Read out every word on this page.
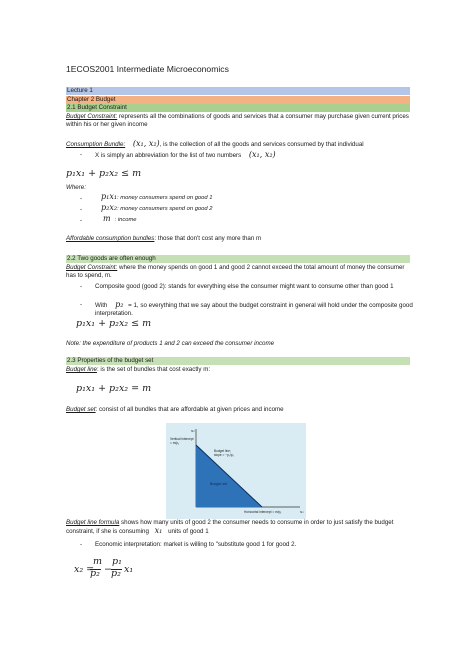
1ECOS2001 Intermediate Microeconomics
Lecture 1
Chapter 2 Budget
2.1 Budget Constraint
Budget Constraint: represents all the combinations of goods and services that a consumer may purchase given current prices within his or her given income
Consumption Bundle: (x₁, x₂), is the collection of all the goods and services consumed by that individual
- X is simply an abbreviation for the list of two numbers (x₁, x₂)
p₁x₁ + p₂x₂ ≤ m
Where:
- p₁x₁: money consumers spend on good 1
- p₂x₂: money consumers spend on good 2
-	m : income
Affordable consumption bundles: those that don't cost any more than m
2.2 Two goods are often enough
Budget Constraint: where the money spends on good 1 and good 2 cannot exceed the total amount of money the consumer has to spend, m.
- Composite good (good 2): stands for everything else the consumer might want to consume other than good 1
- With p₂ = 1, so everything that we say about the budget constraint in general will hold under the composite good interpretation.
p₁x₁ + p₂x₂ ≤ m
Note: the expenditure of products 1 and 2 can exceed the consumer income
2.3 Properties of the budget set
Budget line: is the set of bundles that cost exactly m:
p₁x₁ + p₂x₂ = m
Budget set: consist of all bundles that are affordable at given prices and income
x₂
Vertical intercept
= m/p₂
Budget line;
slope = −p₁/p₂
Budget set
Horizontal intercept = m/p₁	x₁
Budget line formula shows how many units of good 2 the consumer needs to consume in order to just satisfy the budget constraint, if she is consuming x₁ units of good 1
- Economic interpretation: market is willing to "substitute good 1 for good 2.
x₂ =
m
p₂ −
p₁
p₂ x₁
